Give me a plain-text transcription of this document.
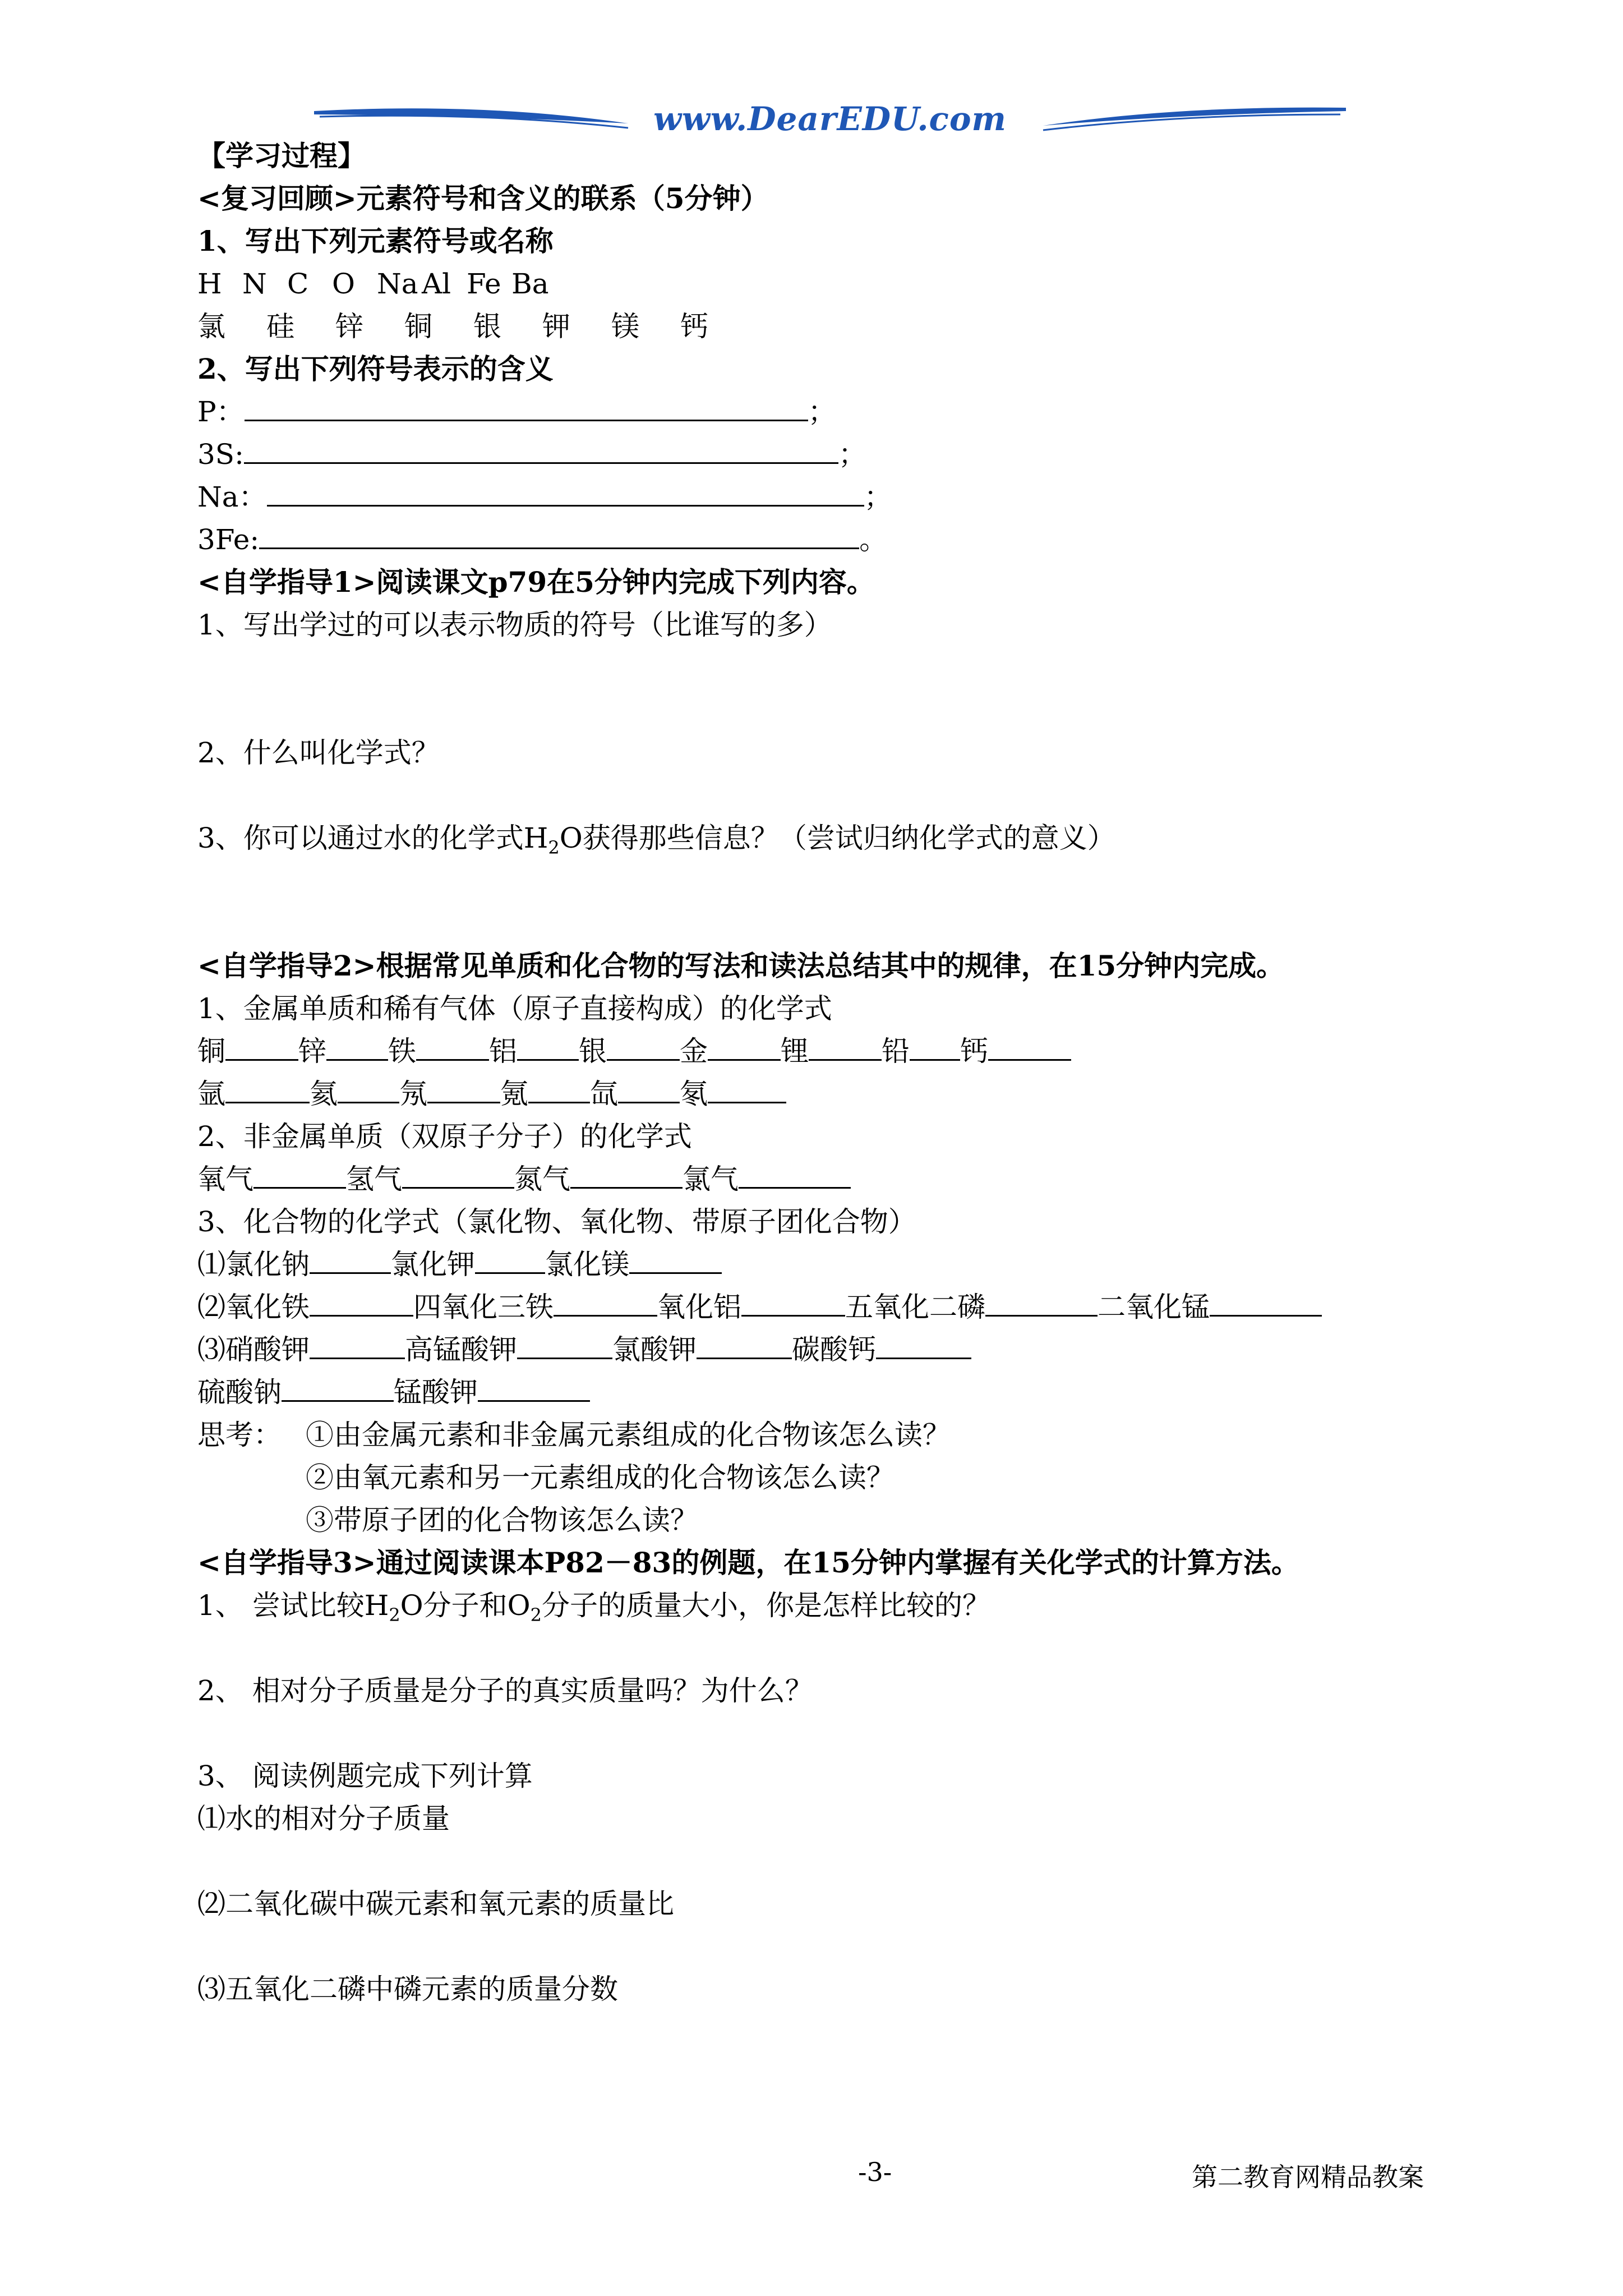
www.DearEDU.com
【学习过程】
<复习回顾>元素符号和含义的联系（5分钟）
1、写出下列元素符号或名称
H N C O Na Al Fe Ba
氯 硅 锌 铜 银 钾 镁 钙
2、写出下列符号表示的含义
P：	；
3S:	；
Na：	；
3Fe:	。
<自学指导1>阅读课文p79在5分钟内完成下列内容。
1、写出学过的可以表示物质的符号（比谁写的多）
2、什么叫化学式？
3、你可以通过水的化学式$H_2O$获得那些信息？（尝试归纳化学式的意义）
<自学指导2>根据常见单质和化合物的写法和读法总结其中的规律，在15分钟内完成。
1、金属单质和稀有气体（原子直接构成）的化学式
铜	锌 铁	铝 银	金	锂	铅 钙
氩	氦 氖	氪 氙 氡
2、非金属单质（双原子分子）的化学式
氧气	氢气	氮气	氯气
3、化合物的化学式（氯化物、氧化物、带原子团化合物）
⑴氯化钠	氯化钾	氯化镁
⑵氧化铁	四氧化三铁	氧化铝	五氧化二磷	二氧化锰
⑶硝酸钾	高锰酸钾	氯酸钾	碳酸钙
硫酸钠	锰酸钾
思考： ①由金属元素和非金属元素组成的化合物该怎么读？
②由氧元素和另一元素组成的化合物该怎么读？
③带原子团的化合物该怎么读？
<自学指导3>通过阅读课本P82－83的例题，在15分钟内掌握有关化学式的计算方法。
1、 尝试比较$H_2O$分子和$O_2$分子的质量大小，你是怎样比较的？
2、 相对分子质量是分子的真实质量吗？为什么？
3、 阅读例题完成下列计算
⑴水的相对分子质量
⑵二氧化碳中碳元素和氧元素的质量比
⑶五氧化二磷中磷元素的质量分数
-3-	第二教育网精品教案
